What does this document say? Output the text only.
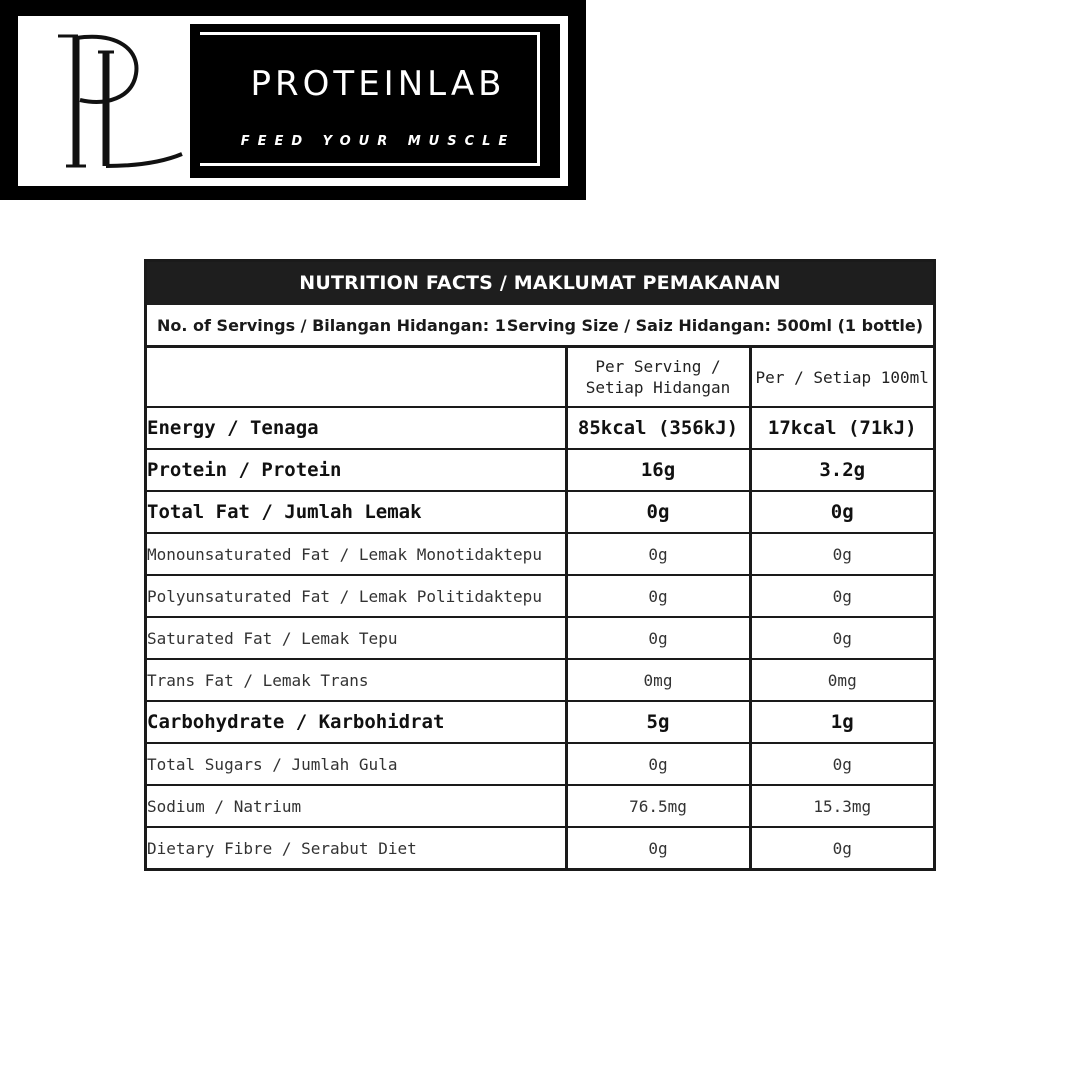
PROTEINLAB
FEED YOUR MUSCLE
NUTRITION FACTS / MAKLUMAT PEMAKANAN
No. of Servings / Bilangan Hidangan: 1 Serving Size / Saiz Hidangan: 500ml (1 bottle)
	Per Serving / Setiap Hidangan	Per / Setiap 100ml
Energy / Tenaga	85kcal (356kJ)	17kcal (71kJ)
Protein / Protein	16g	3.2g
Total Fat / Jumlah Lemak	0g	0g
Monounsaturated Fat / Lemak Monotidaktepu	0g	0g
Polyunsaturated Fat / Lemak Politidaktepu	0g	0g
Saturated Fat / Lemak Tepu	0g	0g
Trans Fat / Lemak Trans	0mg	0mg
Carbohydrate / Karbohidrat	5g	1g
Total Sugars / Jumlah Gula	0g	0g
Sodium / Natrium	76.5mg	15.3mg
Dietary Fibre / Serabut Diet	0g	0g
